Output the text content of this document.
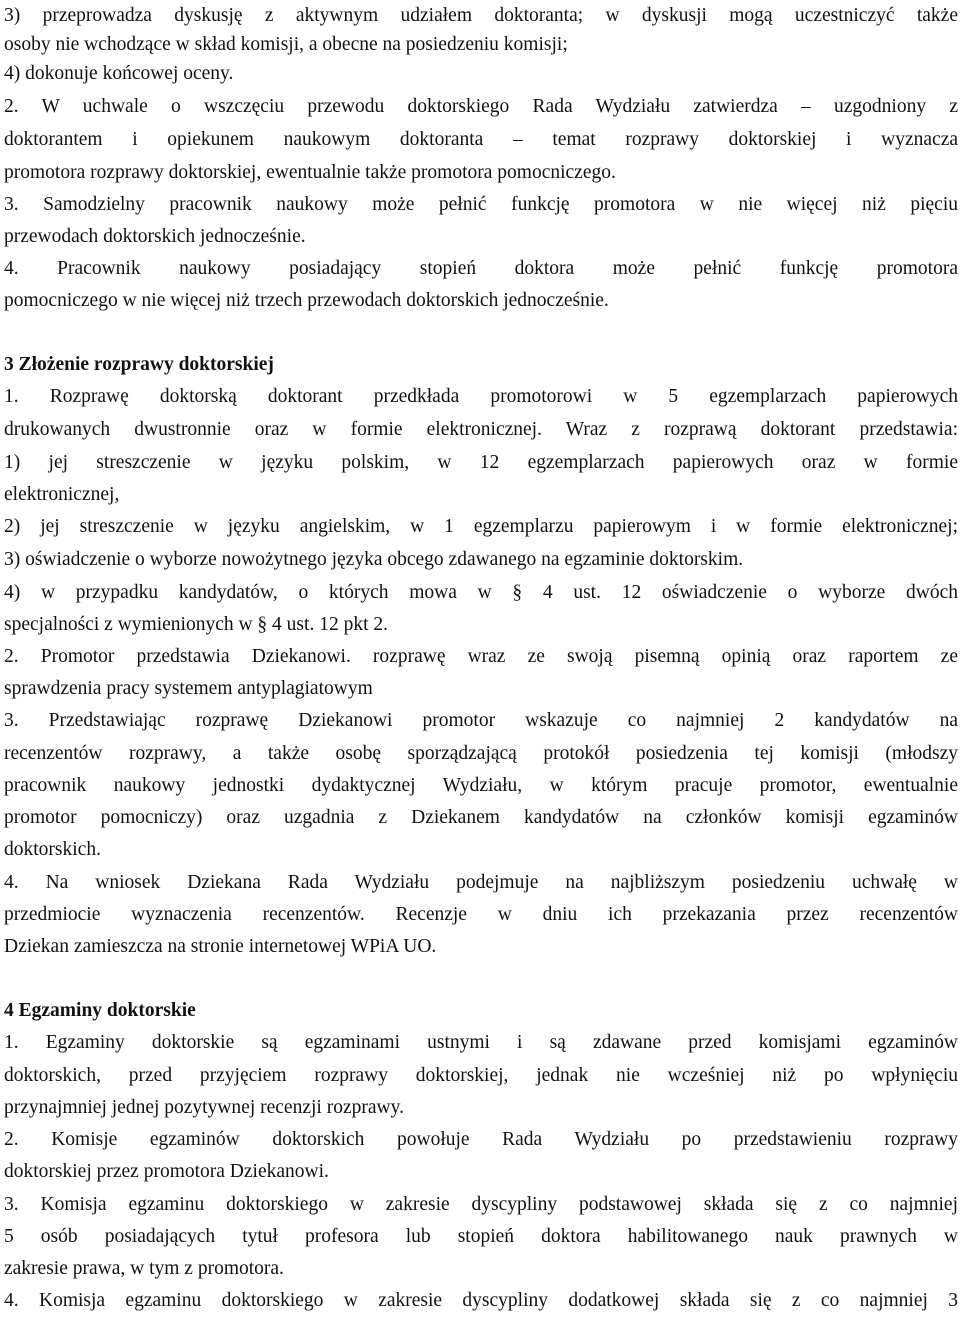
3) przeprowadza dyskusję z aktywnym udziałem doktoranta; w dyskusji mogą uczestniczyć także
osoby nie wchodzące w skład komisji, a obecne na posiedzeniu komisji;
4) dokonuje końcowej oceny.
2. W uchwale o wszczęciu przewodu doktorskiego Rada Wydziału zatwierdza – uzgodniony z
doktorantem i opiekunem naukowym doktoranta – temat rozprawy doktorskiej i wyznacza
promotora rozprawy doktorskiej, ewentualnie także promotora pomocniczego.
3. Samodzielny pracownik naukowy może pełnić funkcję promotora w nie więcej niż pięciu
przewodach doktorskich jednocześnie.
4. Pracownik naukowy posiadający stopień doktora może pełnić funkcję promotora
pomocniczego w nie więcej niż trzech przewodach doktorskich jednocześnie.
3 Złożenie rozprawy doktorskiej
1. Rozprawę doktorską doktorant przedkłada promotorowi w 5 egzemplarzach papierowych
drukowanych dwustronnie oraz w formie elektronicznej. Wraz z rozprawą doktorant przedstawia:
1) jej streszczenie w języku polskim, w 12 egzemplarzach papierowych oraz w formie
elektronicznej,
2) jej streszczenie w języku angielskim, w 1 egzemplarzu papierowym i w formie elektronicznej;
3) oświadczenie o wyborze nowożytnego języka obcego zdawanego na egzaminie doktorskim.
4) w przypadku kandydatów, o których mowa w § 4 ust. 12 oświadczenie o wyborze dwóch
specjalności z wymienionych w § 4 ust. 12 pkt 2.
2. Promotor przedstawia Dziekanowi. rozprawę wraz ze swoją pisemną opinią oraz raportem ze
sprawdzenia pracy systemem antyplagiatowym
3. Przedstawiając rozprawę Dziekanowi promotor wskazuje co najmniej 2 kandydatów na
recenzentów rozprawy, a także osobę sporządzającą protokół posiedzenia tej komisji (młodszy
pracownik naukowy jednostki dydaktycznej Wydziału, w którym pracuje promotor, ewentualnie
promotor pomocniczy) oraz uzgadnia z Dziekanem kandydatów na członków komisji egzaminów
doktorskich.
4. Na wniosek Dziekana Rada Wydziału podejmuje na najbliższym posiedzeniu uchwałę w
przedmiocie wyznaczenia recenzentów. Recenzje w dniu ich przekazania przez recenzentów
Dziekan zamieszcza na stronie internetowej WPiA UO.
4 Egzaminy doktorskie
1. Egzaminy doktorskie są egzaminami ustnymi i są zdawane przed komisjami egzaminów
doktorskich, przed przyjęciem rozprawy doktorskiej, jednak nie wcześniej niż po wpłynięciu
przynajmniej jednej pozytywnej recenzji rozprawy.
2. Komisje egzaminów doktorskich powołuje Rada Wydziału po przedstawieniu rozprawy
doktorskiej przez promotora Dziekanowi.
3. Komisja egzaminu doktorskiego w zakresie dyscypliny podstawowej składa się z co najmniej
5 osób posiadających tytuł profesora lub stopień doktora habilitowanego nauk prawnych w
zakresie prawa, w tym z promotora.
4. Komisja egzaminu doktorskiego w zakresie dyscypliny dodatkowej składa się z co najmniej 3
